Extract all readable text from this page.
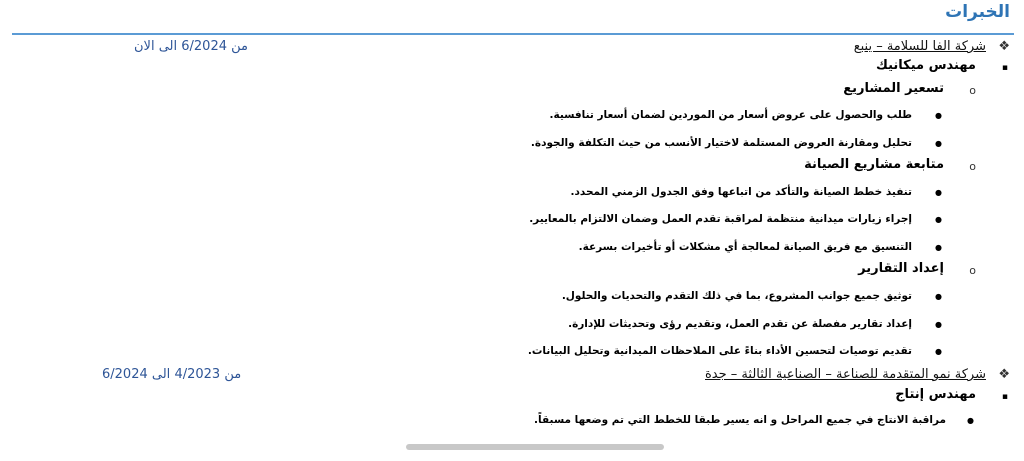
الخبرات
❖
شركة الفا للسلامة – ينبع
من 6/2024 الى الان
▪
مهندس ميكانيك
o
تسعير المشاريع
●
طلب والحصول على عروض أسعار من الموردين لضمان أسعار تنافسية.
●
تحليل ومقارنة العروض المستلمة لاختيار الأنسب من حيث التكلفة والجودة.
o
متابعة مشاريع الصيانة
●
تنفيذ خطط الصيانة والتأكد من اتباعها وفق الجدول الزمني المحدد.
●
إجراء زيارات ميدانية منتظمة لمراقبة تقدم العمل وضمان الالتزام بالمعايير.
●
التنسيق مع فريق الصيانة لمعالجة أي مشكلات أو تأخيرات بسرعة.
o
إعداد التقارير
●
توثيق جميع جوانب المشروع، بما في ذلك التقدم والتحديات والحلول.
●
إعداد تقارير مفصلة عن تقدم العمل، وتقديم رؤى وتحديثات للإدارة.
●
تقديم توصيات لتحسين الأداء بناءً على الملاحظات الميدانية وتحليل البيانات.
❖
شركة نمو المتقدمة للصناعة – الصناعية الثالثة – جدة
من 4/2023 الى 6/2024
▪
مهندس إنتاج
●
مراقبة الانتاج في جميع المراحل و انه يسير طبقا للخطط التي تم وضعها مسبقاً.
